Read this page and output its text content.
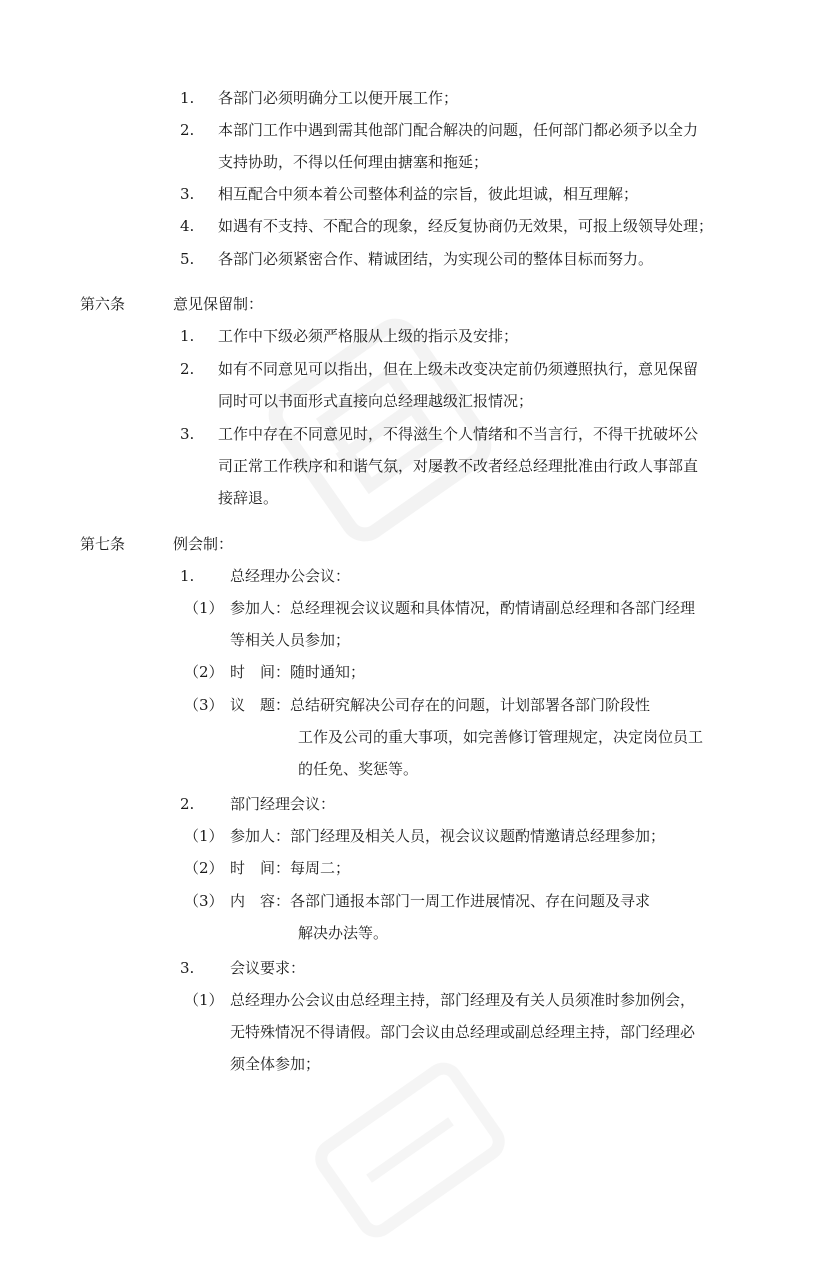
1. 各部门必须明确分工以便开展工作；
2. 本部门工作中遇到需其他部门配合解决的问题，任何部门都必须予以全力
支持协助，不得以任何理由搪塞和拖延；
3. 相互配合中须本着公司整体利益的宗旨，彼此坦诚，相互理解；
4. 如遇有不支持、不配合的现象，经反复协商仍无效果，可报上级领导处理；
5. 各部门必须紧密合作、精诚团结，为实现公司的整体目标而努力。
第六条	意见保留制：
1. 工作中下级必须严格服从上级的指示及安排；
2. 如有不同意见可以指出，但在上级未改变决定前仍须遵照执行，意见保留
同时可以书面形式直接向总经理越级汇报情况；
3. 工作中存在不同意见时，不得滋生个人情绪和不当言行，不得干扰破坏公
司正常工作秩序和和谐气氛，对屡教不改者经总经理批准由行政人事部直
接辞退。
第七条	例会制：
1. 总经理办公会议：
（1） 参加人：总经理视会议议题和具体情况，酌情请副总经理和各部门经理
等相关人员参加；
（2） 时　间：随时通知；
（3） 议　题：总结研究解决公司存在的问题，计划部署各部门阶段性
工作及公司的重大事项，如完善修订管理规定，决定岗位员工
的任免、奖惩等。
2. 部门经理会议：
（1） 参加人：部门经理及相关人员，视会议议题酌情邀请总经理参加；
（2） 时　间：每周二；
（3） 内　容：各部门通报本部门一周工作进展情况、存在问题及寻求
解决办法等。
3. 会议要求：
（1） 总经理办公会议由总经理主持，部门经理及有关人员须准时参加例会，
无特殊情况不得请假。部门会议由总经理或副总经理主持，部门经理必
须全体参加；
